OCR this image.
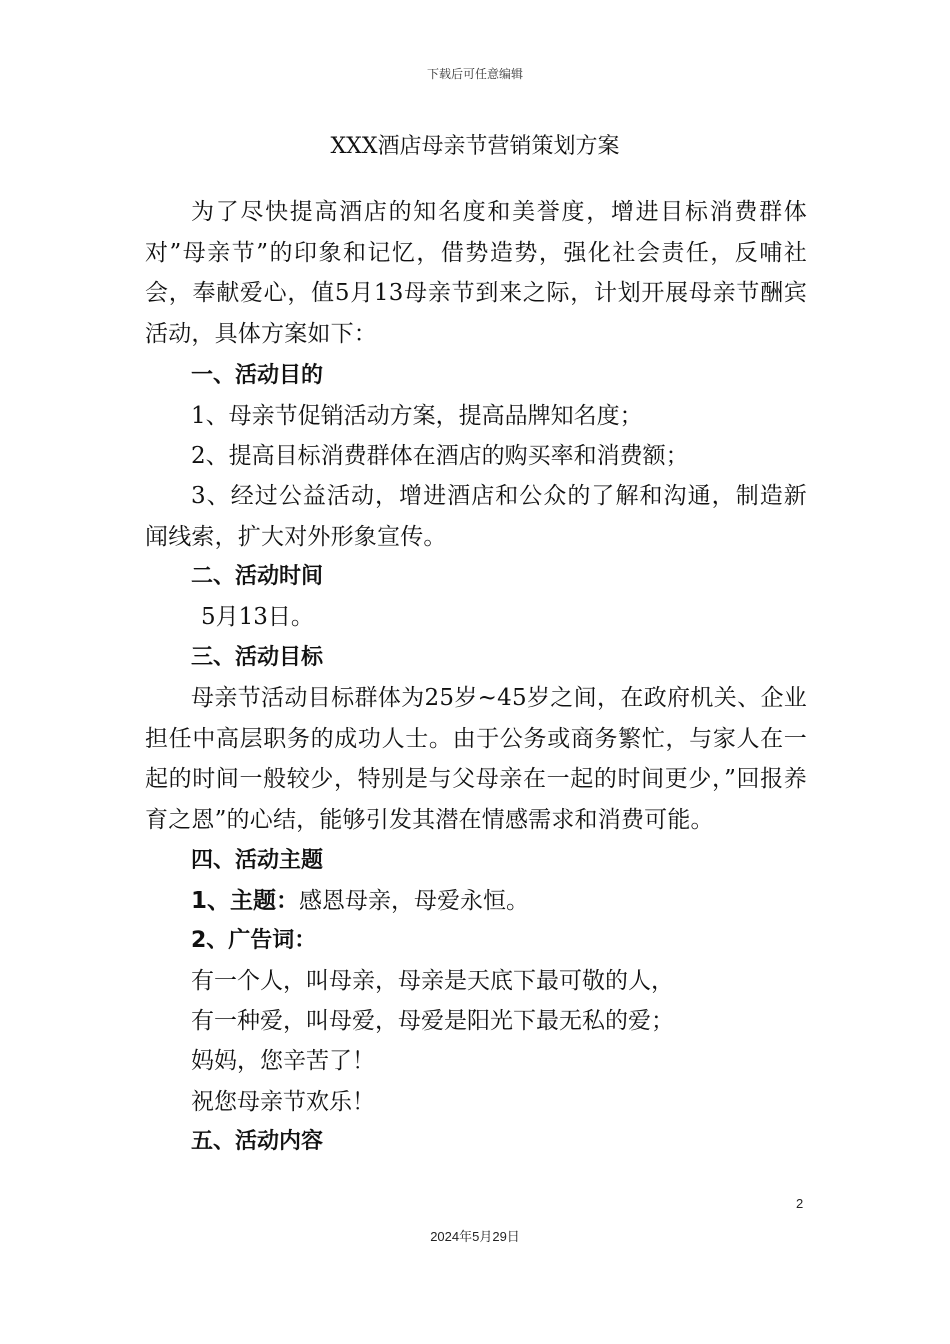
下载后可任意编辑
XXX酒店母亲节营销策划方案
为了尽快提高酒店的知名度和美誉度，增进目标消费群体对”母亲节”的印象和记忆，借势造势，强化社会责任，反哺社会，奉献爱心，值5月13母亲节到来之际，计划开展母亲节酬宾活动，具体方案如下：
一、活动目的
1、母亲节促销活动方案，提高品牌知名度；
2、提高目标消费群体在酒店的购买率和消费额；
3、经过公益活动，增进酒店和公众的了解和沟通，制造新闻线索，扩大对外形象宣传。
二、活动时间
5月13日。
三、活动目标
母亲节活动目标群体为25岁~45岁之间，在政府机关、企业担任中高层职务的成功人士。由于公务或商务繁忙，与家人在一起的时间一般较少，特别是与父母亲在一起的时间更少，”回报养育之恩”的心结，能够引发其潜在情感需求和消费可能。
四、活动主题
1、主题：感恩母亲，母爱永恒。
2、广告词：
有一个人，叫母亲，母亲是天底下最可敬的人，
有一种爱，叫母爱，母爱是阳光下最无私的爱；
妈妈，您辛苦了！
祝您母亲节欢乐！
五、活动内容
2
2024年5月29日
